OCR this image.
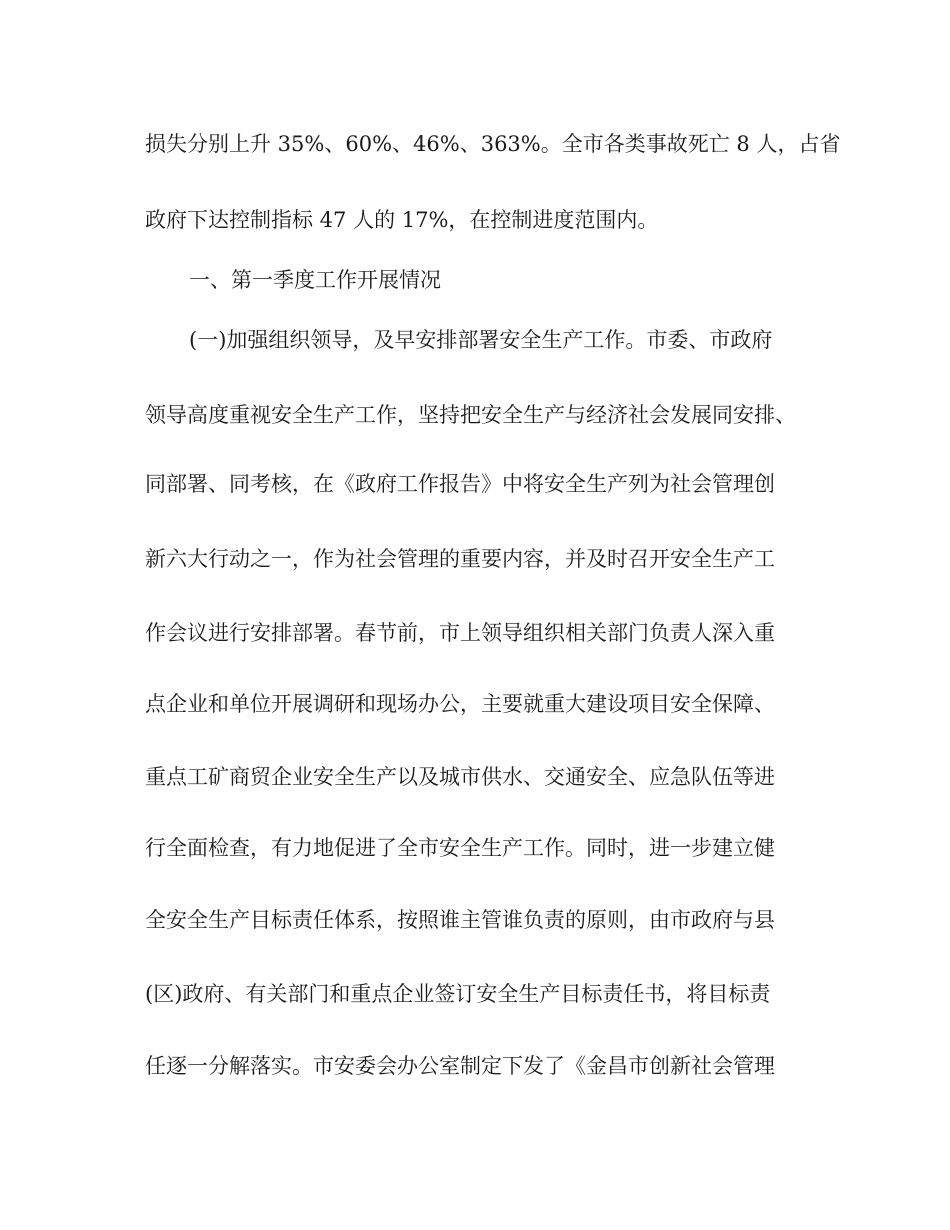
损失分别上升 35%、60%、46%、363%。全市各类事故死亡 8 人，占省
政府下达控制指标 47 人的 17%，在控制进度范围内。
一、第一季度工作开展情况
(一)加强组织领导，及早安排部署安全生产工作。市委、市政府
领导高度重视安全生产工作，坚持把安全生产与经济社会发展同安排、
同部署、同考核，在《政府工作报告》中将安全生产列为社会管理创
新六大行动之一，作为社会管理的重要内容，并及时召开安全生产工
作会议进行安排部署。春节前，市上领导组织相关部门负责人深入重
点企业和单位开展调研和现场办公，主要就重大建设项目安全保障、
重点工矿商贸企业安全生产以及城市供水、交通安全、应急队伍等进
行全面检查，有力地促进了全市安全生产工作。同时，进一步建立健
全安全生产目标责任体系，按照谁主管谁负责的原则，由市政府与县
(区)政府、有关部门和重点企业签订安全生产目标责任书，将目标责
任逐一分解落实。市安委会办公室制定下发了《金昌市创新社会管理
